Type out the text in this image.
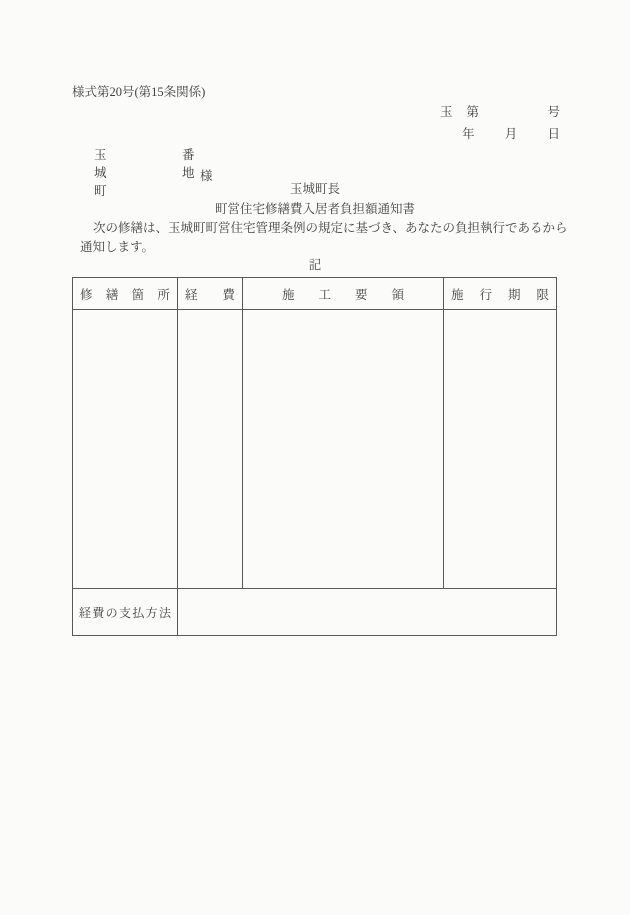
様式第20号(第15条関係)
玉 第	号
年 月 日
玉城町
番地 様
玉城町長
町営住宅修繕費入居者負担額通知書
次の修繕は、玉城町町営住宅管理条例の規定に基づき、あなたの負担執行であるから
通知します。
記
修 繕 箇 所	経 費	施 工 要 領	施 行 期 限

経 費 の 支 払 方 法
